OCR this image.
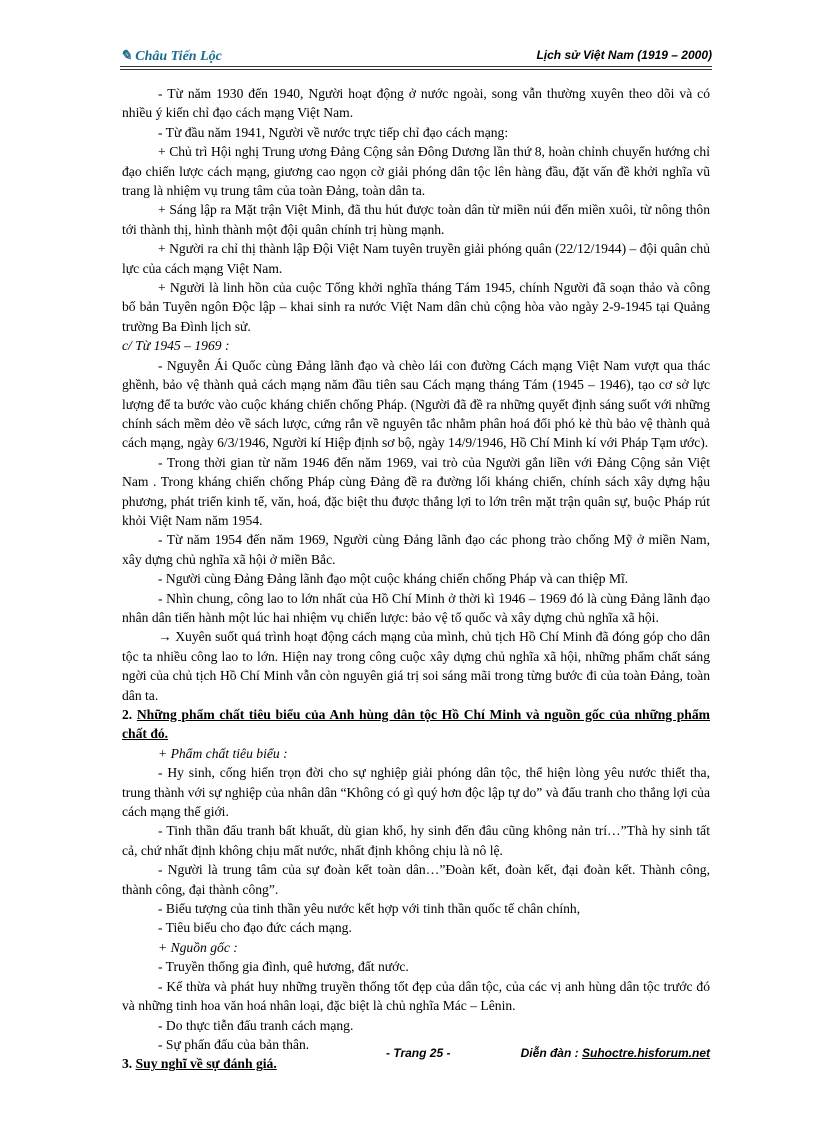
✎ Châu Tiến Lộc	Lịch sử Việt Nam (1919 – 2000)

- Từ năm 1930 đến 1940, Người hoạt động ở nước ngoài, song vẫn thường xuyên theo dõi và có nhiều ý kiến chỉ đạo cách mạng Việt Nam.

- Từ đầu năm 1941, Người về nước trực tiếp chỉ đạo cách mạng:

+ Chủ trì Hội nghị Trung ương Đảng Cộng sản Đông Dương lần thứ 8, hoàn chỉnh chuyển hướng chỉ đạo chiến lược cách mạng, giương cao ngọn cờ giải phóng dân tộc lên hàng đầu, đặt vấn đề khởi nghĩa vũ trang là nhiệm vụ trung tâm của toàn Đảng, toàn dân ta.

+ Sáng lập ra Mặt trận Việt Minh, đã thu hút được toàn dân từ miền núi đến miền xuôi, từ nông thôn tới thành thị, hình thành một đội quân chính trị hùng mạnh.

+ Người ra chỉ thị thành lập Đội Việt Nam tuyên truyền giải phóng quân (22/12/1944) – đội quân chủ lực của cách mạng Việt Nam.

+ Người là linh hồn của cuộc Tổng khởi nghĩa tháng Tám 1945, chính Người đã soạn thảo và công bố bản Tuyên ngôn Độc lập – khai sinh ra nước Việt Nam dân chủ cộng hòa vào ngày 2-9-1945 tại Quảng trường Ba Đình lịch sử.

c/ Từ 1945 – 1969 :

- Nguyễn Ái Quốc cùng Đảng lãnh đạo và chèo lái con đường Cách mạng Việt Nam vượt qua thác ghềnh, bảo vệ thành quả cách mạng năm đầu tiên sau Cách mạng tháng Tám (1945 – 1946), tạo cơ sở lực lượng để ta bước vào cuộc kháng chiến chống Pháp. (Người đã đề ra những quyết định sáng suốt với những chính sách mềm dẻo về sách lược, cứng rắn về nguyên tắc nhằm phân hoá đối phó kẻ thù bảo vệ thành quả cách mạng, ngày 6/3/1946, Người kí Hiệp định sơ bộ, ngày 14/9/1946, Hồ Chí Minh kí với Pháp Tạm ước).

- Trong thời gian từ năm 1946 đến năm 1969, vai trò của Người gắn liền với Đảng Cộng sản Việt Nam . Trong kháng chiến chống Pháp cùng Đảng đề ra đường lối kháng chiến, chính sách xây dựng hậu phương, phát triển kinh tế, văn, hoá, đặc biệt thu được thắng lợi to lớn trên mặt trận quân sự, buộc Pháp rút khỏi Việt Nam năm 1954.

- Từ năm 1954 đến năm 1969, Người cùng Đảng lãnh đạo các phong trào chống Mỹ ở miền Nam, xây dựng chủ nghĩa xã hội ở miền Bắc.

- Người cùng Đảng Đảng lãnh đạo một cuộc kháng chiến chống Pháp và can thiệp Mĩ.

- Nhìn chung, công lao to lớn nhất của Hồ Chí Minh ở thời kì 1946 – 1969 đó là cùng Đảng lãnh đạo nhân dân tiến hành một lúc hai nhiệm vụ chiến lược: bảo vệ tổ quốc và xây dựng chủ nghĩa xã hội.

→ Xuyên suốt quá trình hoạt động cách mạng của mình, chủ tịch Hồ Chí Minh đã đóng góp cho dân tộc ta nhiều công lao to lớn. Hiện nay trong công cuộc xây dựng chủ nghĩa xã hội, những phẩm chất sáng ngời của chủ tịch Hồ Chí Minh vẫn còn nguyên giá trị soi sáng mãi trong từng bước đi của toàn Đảng, toàn dân ta.

2. Những phẩm chất tiêu biểu của Anh hùng dân tộc Hồ Chí Minh và nguồn gốc của những phẩm chất đó.

+ Phẩm chất tiêu biểu :

- Hy sinh, cống hiến trọn đời cho sự nghiệp giải phóng dân tộc, thể hiện lòng yêu nước thiết tha, trung thành với sự nghiệp của nhân dân “Không có gì quý hơn độc lập tự do” và đấu tranh cho thắng lợi của cách mạng thế giới.

- Tinh thần đấu tranh bất khuất, dù gian khổ, hy sinh đến đâu cũng không nản trí…”Thà hy sinh tất cả, chứ nhất định không chịu mất nước, nhất định không chịu là nô lệ.

- Người là trung tâm của sự đoàn kết toàn dân…”Đoàn kết, đoàn kết, đại đoàn kết. Thành công, thành công, đại thành công”.

- Biểu tượng của tinh thần yêu nước kết hợp với tinh thần quốc tế chân chính,

- Tiêu biểu cho đạo đức cách mạng.

+ Nguồn gốc :

- Truyền thống gia đình, quê hương, đất nước.

- Kế thừa và phát huy những truyền thống tốt đẹp của dân tộc, của các vị anh hùng dân tộc trước đó và những tinh hoa văn hoá nhân loại, đặc biệt là chủ nghĩa Mác – Lênin.

- Do thực tiễn đấu tranh cách mạng.

- Sự phấn đấu của bản thân.

3. Suy nghĩ về sự đánh giá.

- Trang 25 -	Diễn đàn : Suhoctre.hisforum.net
